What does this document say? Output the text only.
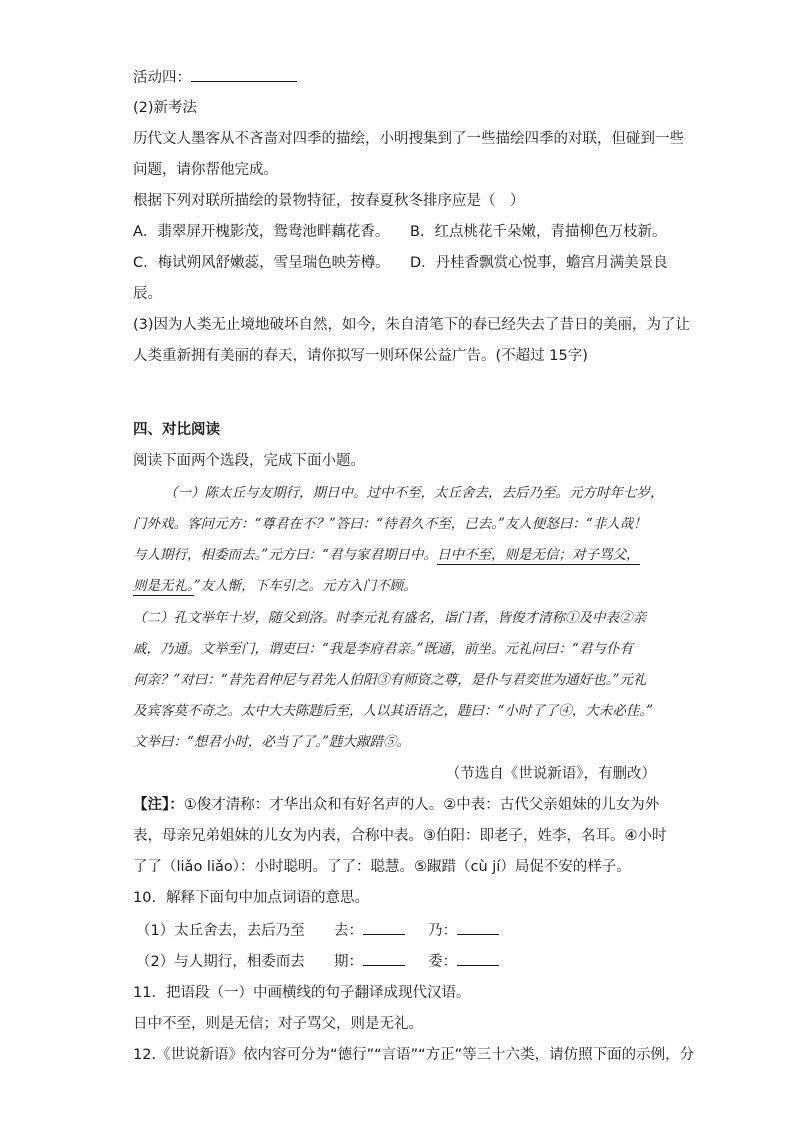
活动四：
(2)新考法
历代文人墨客从不吝啬对四季的描绘，小明搜集到了一些描绘四季的对联，但碰到一些
问题，请你帮他完成。
根据下列对联所描绘的景物特征，按春夏秋冬排序应是（　）
A．翡翠屏开槐影茂，鸳鸯池畔藕花香。 B．红点桃花千朵嫩，青描柳色万枝新。
C．梅试朔风舒嫩蕊，雪呈瑞色映芳樽。 D．丹桂香飘赏心悦事，蟾宫月满美景良
辰。
(3)因为人类无止境地破坏自然，如今，朱自清笔下的春已经失去了昔日的美丽，为了让
人类重新拥有美丽的春天，请你拟写一则环保公益广告。(不超过 15字)
四、对比阅读
阅读下面两个选段，完成下面小题。
（一）陈太丘与友期行，期日中。过中不至，太丘舍去，去后乃至。元方时年七岁，
门外戏。客问元方：“尊君在不？”答曰：“待君久不至，已去。”友人便怒曰：“非人哉！
与人期行，相委而去。”元方曰：“君与家君期日中。日中不至，则是无信；对子骂父，
则是无礼。”友人惭，下车引之。元方入门不顾。
（二）孔文举年十岁，随父到洛。时李元礼有盛名，诣门者，皆俊才清称①及中表②亲
戚，乃通。文举至门，谓吏曰：“我是李府君亲。”既通，前坐。元礼问曰：“君与仆有
何亲？”对曰：“昔先君仲尼与君先人伯阳③有师资之尊，是仆与君奕世为通好也。”元礼
及宾客莫不奇之。太中大夫陈韪后至，人以其语语之，韪曰：“小时了了④，大未必佳。”
文举曰：“想君小时，必当了了。”韪大踧踖⑤。
（节选自《世说新语》，有删改）
【注】：①俊才清称：才华出众和有好名声的人。②中表：古代父亲姐妹的儿女为外
表，母亲兄弟姐妹的儿女为内表，合称中表。③伯阳：即老子，姓李，名耳。④小时
了了（liǎo liǎo）：小时聪明。了了：聪慧。⑤踧踖（cù jí）局促不安的样子。
10．解释下面句中加点词语的意思。
（1）太丘舍去，去后乃至 去：	乃：
（2）与人期行，相委而去 期：	委：
11．把语段（一）中画横线的句子翻译成现代汉语。
日中不至，则是无信；对子骂父，则是无礼。
12.《世说新语》依内容可分为“德行”“言语”“方正”等三十六类，请仿照下面的示例，分
